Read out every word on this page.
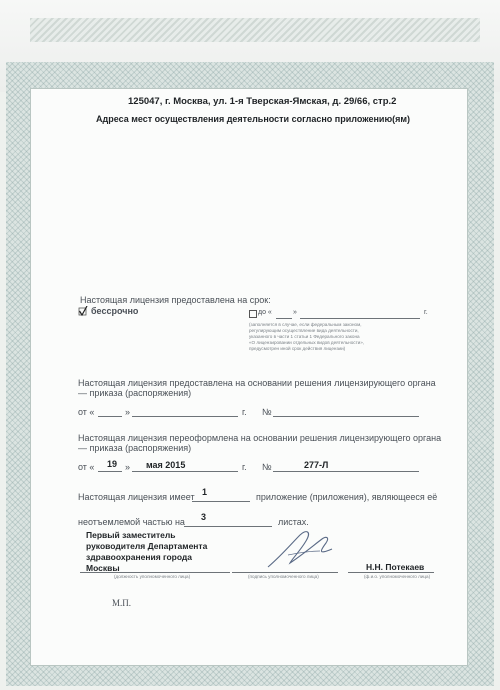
125047, г. Москва, ул. 1-я Тверская-Ямская, д. 29/66, стр.2
Адреса мест осуществления деятельности согласно приложению(ям)
Настоящая лицензия предоставлена на срок:
бессрочно	до «	»	г.
(заполняется в случае, если федеральным законом,
регулирующим осуществление вида деятельности,
указанного в части 1 статьи 1 Федерального закона
«О лицензировании отдельных видов деятельности»,
предусмотрен иной срок действия лицензии)
Настоящая лицензия предоставлена на основании решения лицензирующего органа
— приказа (распоряжения)
от «	»	г. №
Настоящая лицензия переоформлена на основании решения лицензирующего органа
— приказа (распоряжения)
от « 19 » мая 2015	г. №	277-Л
Настоящая лицензия имеет 1	приложение (приложения), являющееся её
неотъемлемой частью на 3	листах.
Первый заместитель
руководителя Департамента
здравоохранения города
Москвы
(должность уполномоченного лица)	(подпись уполномоченного лица)
Н.Н. Потекаев
(ф.и.о. уполномоченного лица)
М.П.
